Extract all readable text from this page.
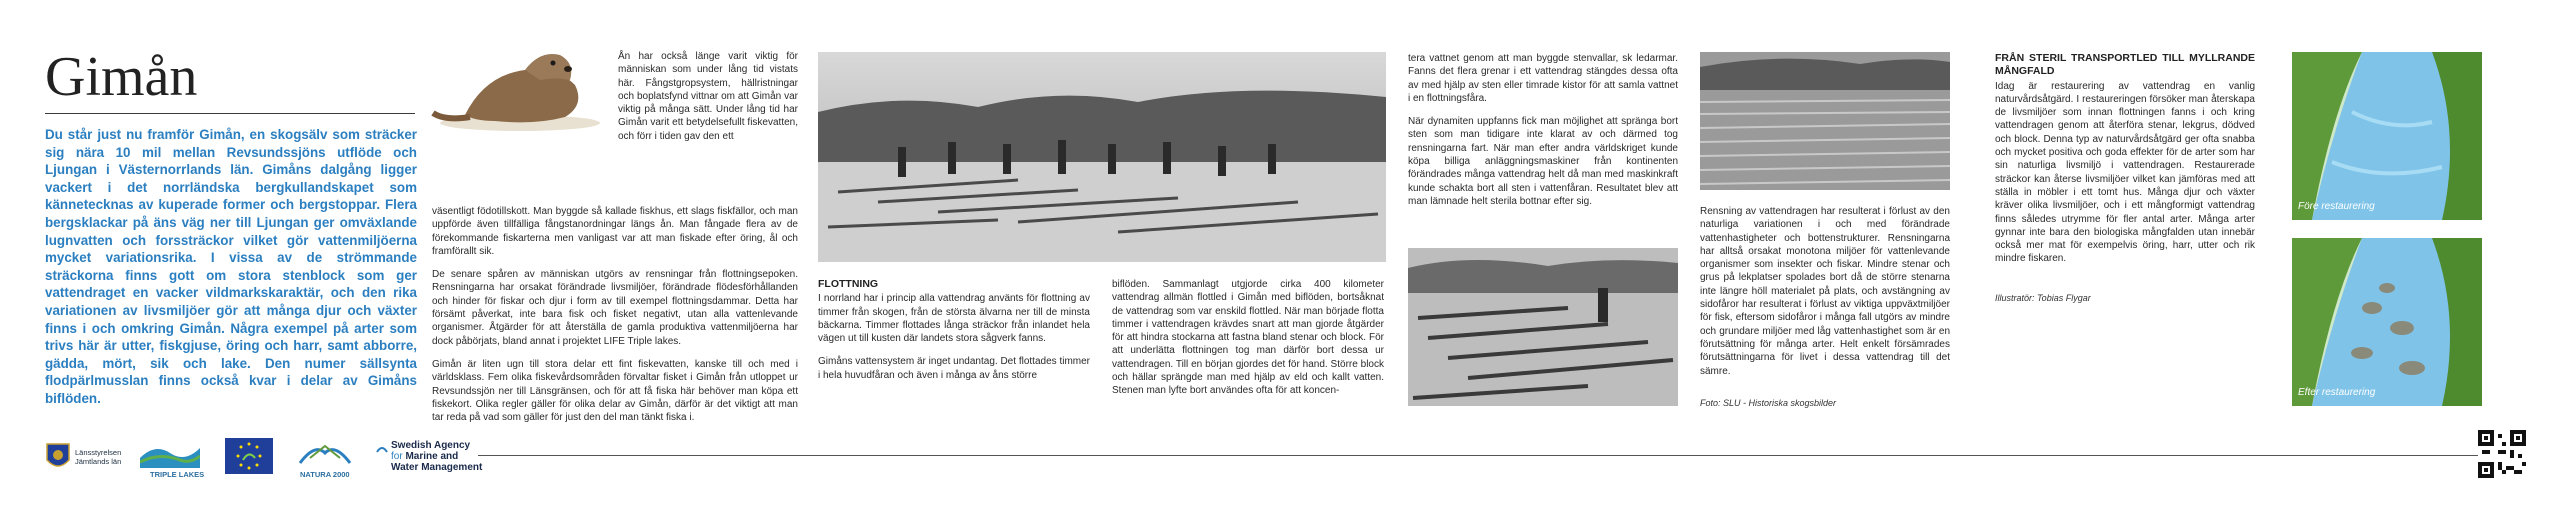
Gimån
Du står just nu framför Gimån, en skogsälv som sträcker sig nära 10 mil mellan Revsundssjöns utflöde och Ljungan i Västernorrlands län. Gimåns dalgång ligger vackert i det norrländska bergkullandskapet som kännetecknas av kuperade former och bergstoppar. Flera bergsklackar på äns väg ner till Ljungan ger omväxlande lugnvatten och forssträckor vilket gör vattenmiljöerna mycket variationsrika. I vissa av de strömmande sträckorna finns gott om stora stenblock som ger vattendraget en vacker vildmarkskaraktär, och den rika variationen av livsmiljöer gör att många djur och växter finns i och omkring Gimån. Några exempel på arter som trivs här är utter, fiskgjuse, öring och harr, samt abborre, gädda, mört, sik och lake. Den numer sällsynta flodpärlmusslan finns också kvar i delar av Gimåns biflöden.

Ån har också länge varit viktig för människan som under lång tid vistats här. Fångstgropsystem, hällristningar och boplatsfynd vittnar om att Gimån var viktig på många sätt. Under lång tid har Gimån varit ett betydelsefullt fiskevatten, och förr i tiden gav den ett

väsentligt födotillskott. Man byggde så kallade fiskhus, ett slags fiskfällor, och man uppförde även tillfälliga fångstanordningar längs ån. Man fångade flera av de förekommande fiskarterna men vanligast var att man fiskade efter öring, ål och framförallt sik.

De senare spåren av människan utgörs av rensningar från flottningsepoken. Rensningarna har orsakat förändrade livsmiljöer, förändrade flödesförhållanden och hinder för fiskar och djur i form av till exempel flottningsdammar. Detta har försämt påverkat, inte bara fisk och fisket negativt, utan alla vattenlevande organismer. Åtgärder för att återställa de gamla produktiva vattenmiljöerna har dock påbörjats, bland annat i projektet LIFE Triple lakes.

Gimån är liten ugn till stora delar ett fint fiskevatten, kanske till och med i världsklass. Fem olika fiskevårdsområden förvaltar fisket i Gimån från utloppet ur Revsundssjön ner till Länsgränsen, och för att få fiska här behöver man köpa ett fiskekort. Olika regler gäller för olika delar av Gimån, därför är det viktigt att man tar reda på vad som gäller för just den del man tänkt fiska i.

FLOTTNING

I norrland har i princip alla vattendrag använts för flottning av timmer från skogen, från de största älvarna ner till de minsta bäckarna. Timmer flottades långa sträckor från inlandet hela vägen ut till kusten där landets stora sågverk fanns.

Gimåns vattensystem är inget undantag. Det flottades timmer i hela huvudfåran och även i många av åns större

biflöden. Sammanlagt utgjorde cirka 400 kilometer vattendrag allmän flottled i Gimån med biflöden, bortsåknat de vattendrag som var enskild flottled. När man började flotta timmer i vattendragen krävdes snart att man gjorde åtgärder för att hindra stockarna att fastna bland stenar och block. För att underlätta flottningen tog man därför bort dessa ur vattendragen. Till en början gjordes det för hand. Större block och hällar sprängde man med hjälp av eld och kallt vatten. Stenen man lyfte bort användes ofta för att koncen-

tera vattnet genom att man byggde stenvallar, sk ledarmar. Fanns det flera grenar i ett vattendrag stängdes dessa ofta av med hjälp av sten eller timrade kistor för att samla vattnet i en flottningsfåra.

När dynamiten uppfanns fick man möjlighet att spränga bort sten som man tidigare inte klarat av och därmed tog rensningarna fart. När man efter andra världskriget kunde köpa billiga anläggningsmaskiner från kontinenten förändrades många vattendrag helt då man med maskinkraft kunde schakta bort all sten i vattenfåran. Resultatet blev att man lämnade helt sterila bottnar efter sig.

Rensning av vattendragen har resulterat i förlust av den naturliga variationen i och med förändrade vattenhastigheter och bottenstrukturer. Rensningarna har alltså orsakat monotona miljöer för vattenlevande organismer som insekter och fiskar. Mindre stenar och grus på lekplatser spolades bort då de större stenarna inte längre höll materialet på plats, och avstängning av sidofåror har resulterat i förlust av viktiga uppväxtmiljöer för fisk, eftersom sidofåror i många fall utgörs av mindre och grundare miljöer med låg vattenhastighet som är en förutsättning för många arter. Helt enkelt försämrades förutsättningarna för livet i dessa vattendrag till det sämre.

Foto: SLU - Historiska skogsbilder
FRÅN STERIL TRANSPORTLED TILL MYLLRANDE MÅNGFALD

Idag är restaurering av vattendrag en vanlig naturvårdsåtgärd. I restaureringen försöker man återskapa de livsmiljöer som innan flottningen fanns i och kring vattendragen genom att återföra stenar, lekgrus, dödved och block. Denna typ av naturvårdsåtgärd ger ofta snabba och mycket positiva och goda effekter för de arter som har sin naturliga livsmiljö i vattendragen. Restaurerade sträckor kan återse livsmiljöer vilket kan jämföras med att ställa in möbler i ett tomt hus. Många djur och växter kräver olika livsmiljöer, och i ett mångformigt vattendrag finns således utrymme för fler antal arter. Många arter gynnar inte bara den biologiska mångfalden utan innebär också mer mat för exempelvis öring, harr, utter och rik mindre fiskaren.

Illustratör: Tobias Flygar
Före restaurering
Efter restaurering
Länsstyrelsen Jämtlands län
TRIPLE LAKES	NATURA 2000
Swedish Agency
for Marine and
Water Management
